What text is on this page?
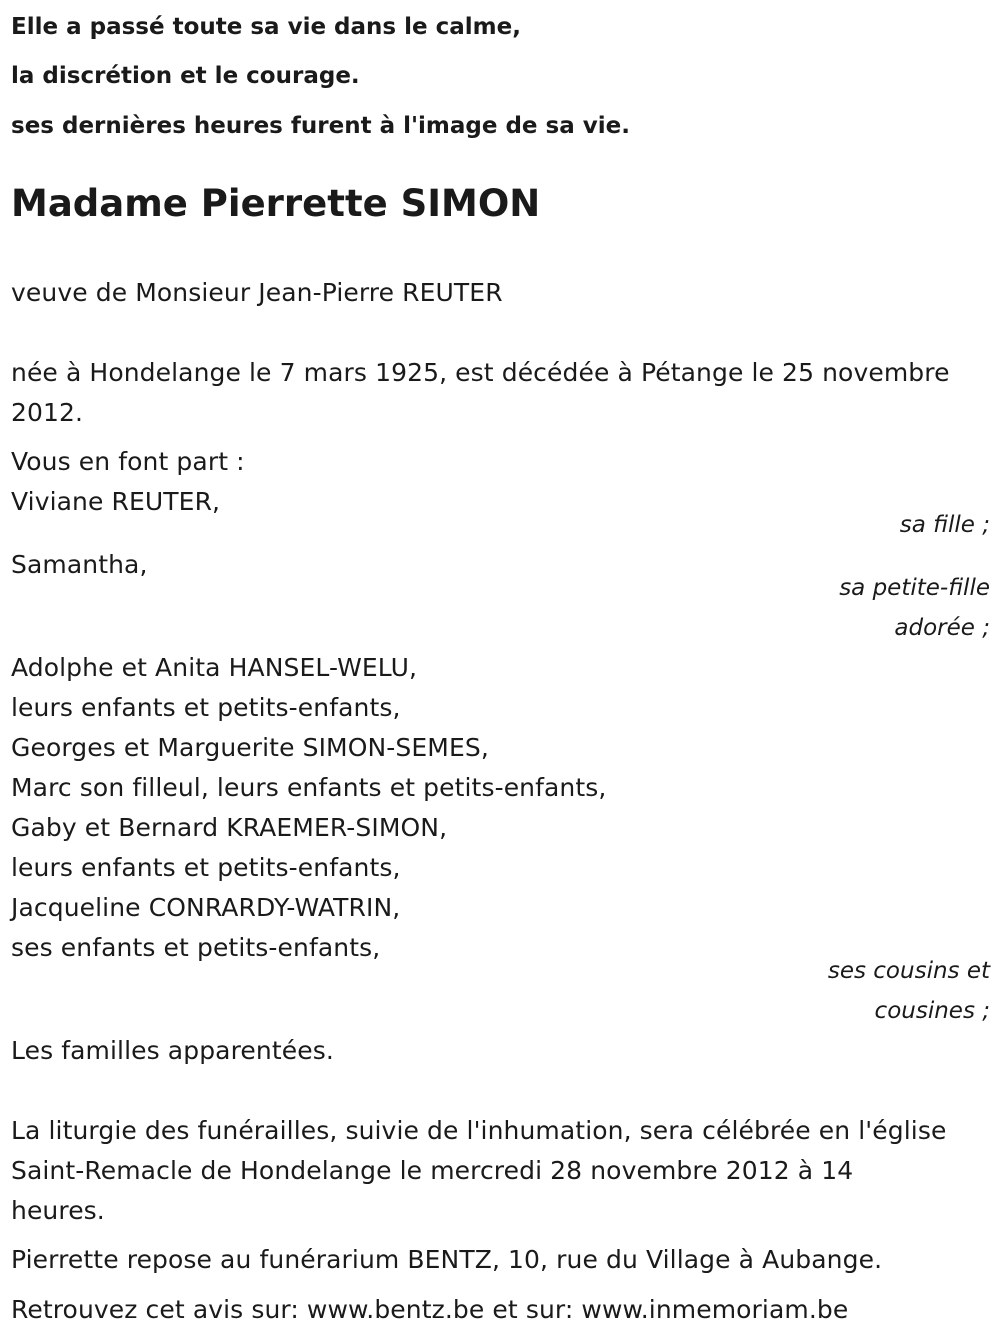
Elle a passé toute sa vie dans le calme,
la discrétion et le courage.
ses dernières heures furent à l'image de sa vie.
Madame Pierrette SIMON
veuve de Monsieur Jean-Pierre REUTER
née à Hondelange le 7 mars 1925, est décédée à Pétange le 25 novembre
2012.
Vous en font part :
Viviane REUTER,
sa fille ;
Samantha,
sa petite-fille
adorée ;
Adolphe et Anita HANSEL-WELU,
leurs enfants et petits-enfants,
Georges et Marguerite SIMON-SEMES,
Marc son filleul, leurs enfants et petits-enfants,
Gaby et Bernard KRAEMER-SIMON,
leurs enfants et petits-enfants,
Jacqueline CONRARDY-WATRIN,
ses enfants et petits-enfants,
ses cousins et
cousines ;
Les familles apparentées.
La liturgie des funérailles, suivie de l'inhumation, sera célébrée en l'église
Saint-Remacle de Hondelange le mercredi 28 novembre 2012 à 14
heures.
Pierrette repose au funérarium BENTZ, 10, rue du Village à Aubange.
Retrouvez cet avis sur: www.bentz.be et sur: www.inmemoriam.be
